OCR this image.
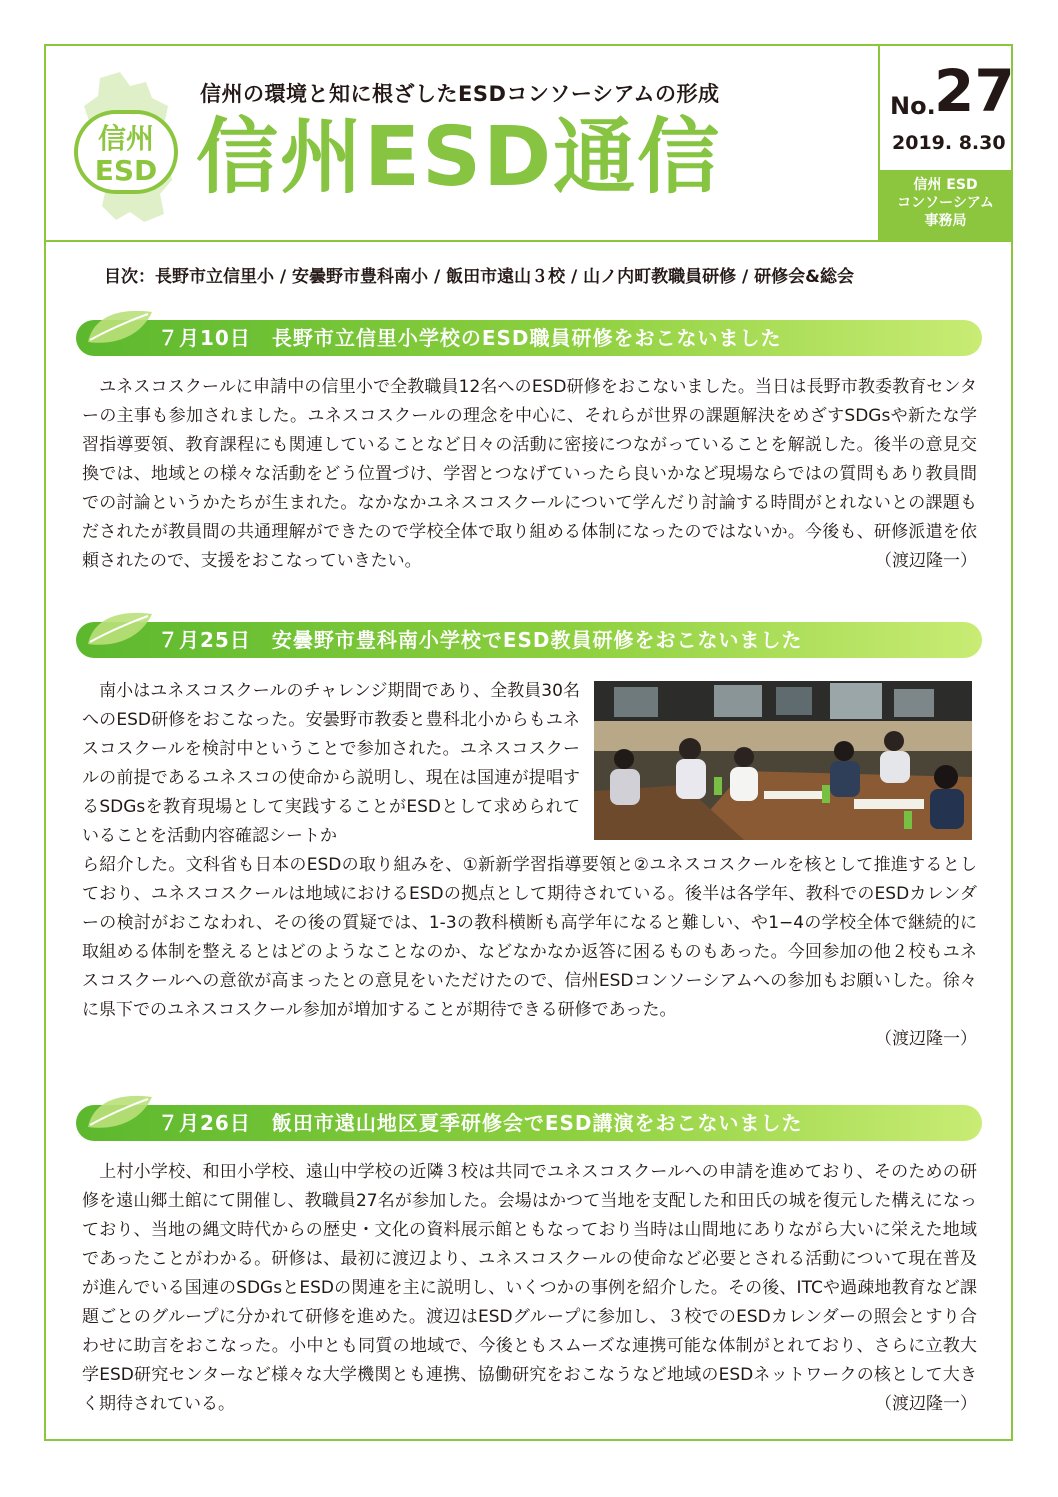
信州
ESD
信州の環境と知に根ざしたESDコンソーシアムの形成
信州ESD通信
No.
27
2019. 8.30
信州 ESD
コンソーシアム
事務局
目次：長野市立信里小 / 安曇野市豊科南小 / 飯田市遠山３校 / 山ノ内町教職員研修 / 研修会&総会
７月10日　長野市立信里小学校のESD職員研修をおこないました

　ユネスコスクールに申請中の信里小で全教職員12名へのESD研修をおこないました。当日は長野市教委教育センターの主事も参加されました。ユネスコスクールの理念を中心に、それらが世界の課題解決をめざすSDGsや新たな学習指導要領、教育課程にも関連していることなど日々の活動に密接につながっていることを解説した。後半の意見交換では、地域との様々な活動をどう位置づけ、学習とつなげていったら良いかなど現場ならではの質問もあり教員間での討論というかたちが生まれた。なかなかユネスコスクールについて学んだり討論する時間がとれないとの課題もだされたが教員間の共通理解ができたので学校全体で取り組める体制になったのではないか。今後も、研修派遣を依頼されたので、支援をおこなっていきたい。	（渡辺隆一）

７月25日　安曇野市豊科南小学校でESD教員研修をおこないました

　南小はユネスコスクールのチャレンジ期間であり、全教員30名へのESD研修をおこなった。安曇野市教委と豊科北小からもユネスコスクールを検討中ということで参加された。ユネスコスクールの前提であるユネスコの使命から説明し、現在は国連が提唱するSDGsを教育現場として実践することがESDとして求められていることを活動内容確認シートか

ら紹介した。文科省も日本のESDの取り組みを、①新新学習指導要領と②ユネスコスクールを核として推進するとしており、ユネスコスクールは地域におけるESDの拠点として期待されている。後半は各学年、教科でのESDカレンダーの検討がおこなわれ、その後の質疑では、1-3の教科横断も高学年になると難しい、や1−4の学校全体で継続的に取組める体制を整えるとはどのようなことなのか、などなかなか返答に困るものもあった。今回参加の他２校もユネスコスクールへの意欲が高まったとの意見をいただけたので、信州ESDコンソーシアムへの参加もお願いした。徐々に県下でのユネスコスクール参加が増加することが期待できる研修であった。

（渡辺隆一）
７月26日　飯田市遠山地区夏季研修会でESD講演をおこないました

　上村小学校、和田小学校、遠山中学校の近隣３校は共同でユネスコスクールへの申請を進めており、そのための研修を遠山郷土館にて開催し、教職員27名が参加した。会場はかつて当地を支配した和田氏の城を復元した構えになっており、当地の縄文時代からの歴史・文化の資料展示館ともなっており当時は山間地にありながら大いに栄えた地域であったことがわかる。研修は、最初に渡辺より、ユネスコスクールの使命など必要とされる活動について現在普及が進んでいる国連のSDGsとESDの関連を主に説明し、いくつかの事例を紹介した。その後、ITCや過疎地教育など課題ごとのグループに分かれて研修を進めた。渡辺はESDグループに参加し、３校でのESDカレンダーの照会とすり合わせに助言をおこなった。小中とも同質の地域で、今後ともスムーズな連携可能な体制がとれており、さらに立教大学ESD研究センターなど様々な大学機関とも連携、協働研究をおこなうなど地域のESDネットワークの核として大きく期待されている。	（渡辺隆一）
